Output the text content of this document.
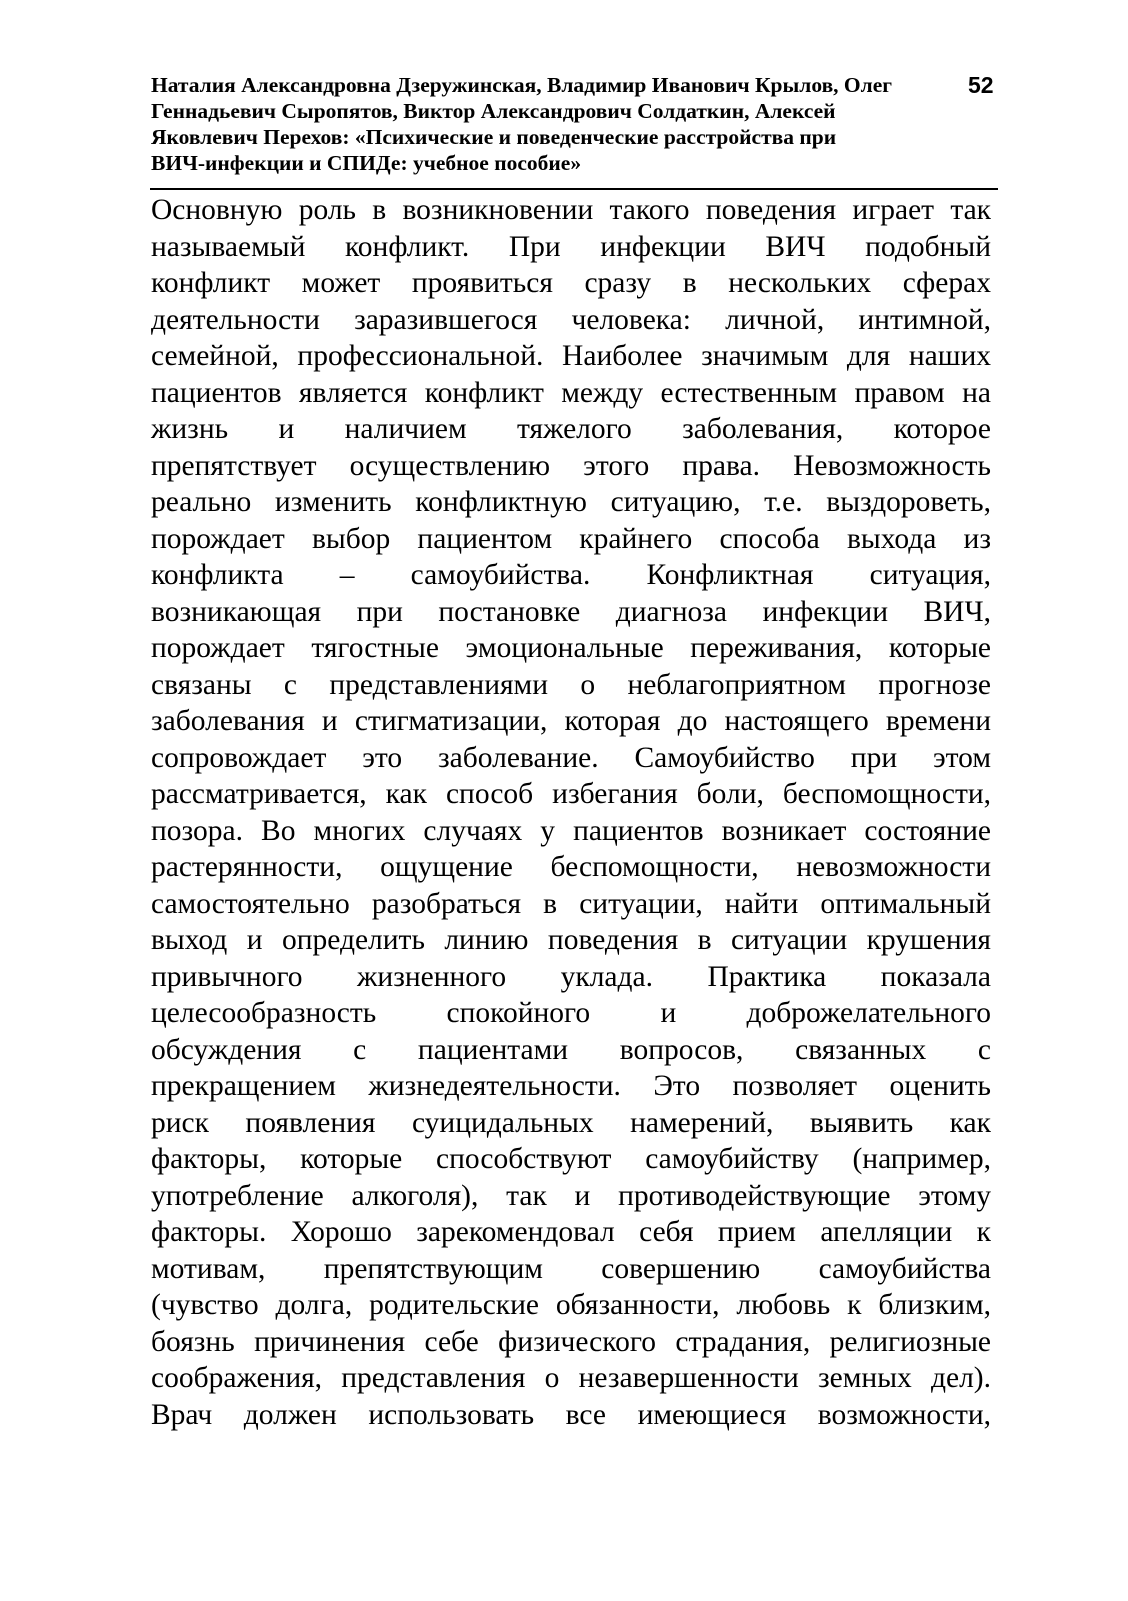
Наталия Александровна Дзеружинская, Владимир Иванович Крылов, Олег
Геннадьевич Сыропятов, Виктор Александрович Солдаткин, Алексей
Яковлевич Перехов: «Психические и поведенческие расстройства при
ВИЧ-инфекции и СПИДе: учебное пособие»
52
Основную роль в возникновении такого поведения играет так
называемый конфликт. При инфекции ВИЧ подобный
конфликт может проявиться сразу в нескольких сферах
деятельности заразившегося человека: личной, интимной,
семейной, профессиональной. Наиболее значимым для наших
пациентов является конфликт между естественным правом на
жизнь и наличием тяжелого заболевания, которое
препятствует осуществлению этого права. Невозможность
реально изменить конфликтную ситуацию, т.е. выздороветь,
порождает выбор пациентом крайнего способа выхода из
конфликта – самоубийства. Конфликтная ситуация,
возникающая при постановке диагноза инфекции ВИЧ,
порождает тягостные эмоциональные переживания, которые
связаны с представлениями о неблагоприятном прогнозе
заболевания и стигматизации, которая до настоящего времени
сопровождает это заболевание. Самоубийство при этом
рассматривается, как способ избегания боли, беспомощности,
позора. Во многих случаях у пациентов возникает состояние
растерянности, ощущение беспомощности, невозможности
самостоятельно разобраться в ситуации, найти оптимальный
выход и определить линию поведения в ситуации крушения
привычного жизненного уклада. Практика показала
целесообразность спокойного и доброжелательного
обсуждения с пациентами вопросов, связанных с
прекращением жизнедеятельности. Это позволяет оценить
риск появления суицидальных намерений, выявить как
факторы, которые способствуют самоубийству (например,
употребление алкоголя), так и противодействующие этому
факторы. Хорошо зарекомендовал себя прием апелляции к
мотивам, препятствующим совершению самоубийства
(чувство долга, родительские обязанности, любовь к близким,
боязнь причинения себе физического страдания, религиозные
соображения, представления о незавершенности земных дел).
Врач должен использовать все имеющиеся возможности,
